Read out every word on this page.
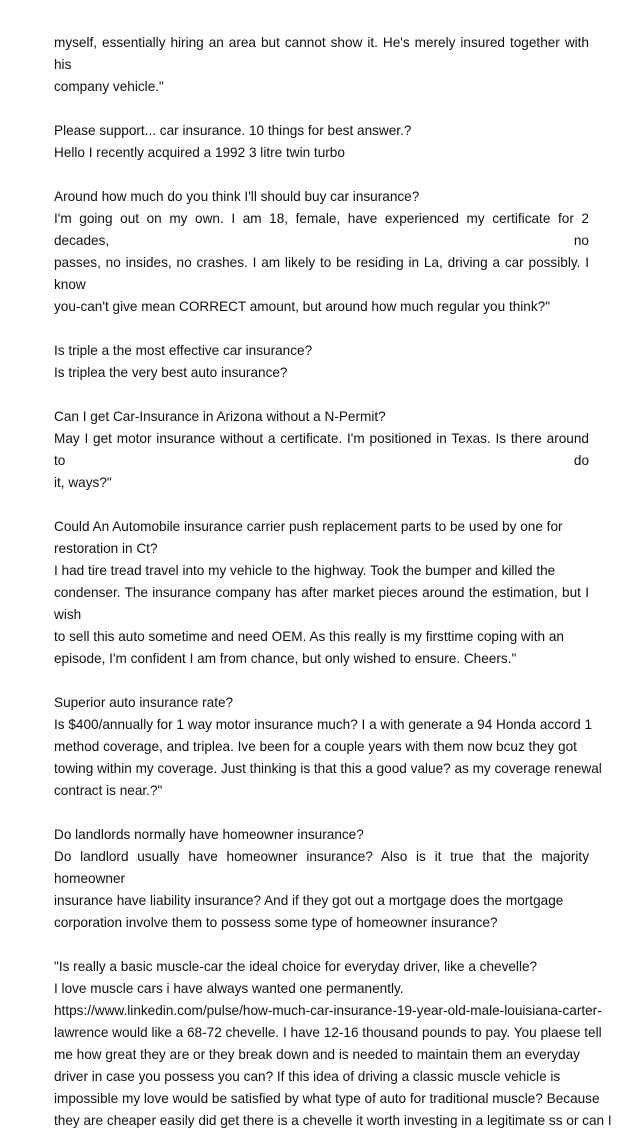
myself, essentially hiring an area but cannot show it. He's merely insured together with his
company vehicle."

Please support... car insurance. 10 things for best answer.?
Hello I recently acquired a 1992 3 litre twin turbo

Around how much do you think I'll should buy car insurance?
I'm going out on my own. I am 18, female, have experienced my certificate for 2 decades, no
passes, no insides, no crashes. I am likely to be residing in La, driving a car possibly. I know
you-can't give mean CORRECT amount, but around how much regular you think?"

Is triple a the most effective car insurance?
Is triplea the very best auto insurance?

Can I get Car-Insurance in Arizona without a N-Permit?
May I get motor insurance without a certificate. I'm positioned in Texas. Is there around to do
it, ways?"

Could An Automobile insurance carrier push replacement parts to be used by one for
restoration in Ct?
I had tire tread travel into my vehicle to the highway. Took the bumper and killed the
condenser. The insurance company has after market pieces around the estimation, but I wish
to sell this auto sometime and need OEM. As this really is my firsttime coping with an
episode, I'm confident I am from chance, but only wished to ensure. Cheers."

Superior auto insurance rate?
Is $400/annually for 1 way motor insurance much? I a with generate a 94 Honda accord 1
method coverage, and triplea. Ive been for a couple years with them now bcuz they got
towing within my coverage. Just thinking is that this a good value? as my coverage renewal
contract is near.?"

Do landlords normally have homeowner insurance?
Do landlord usually have homeowner insurance? Also is it true that the majority homeowner
insurance have liability insurance? And if they got out a mortgage does the mortgage
corporation involve them to possess some type of homeowner insurance?

"Is really a basic muscle-car the ideal choice for everyday driver, like a chevelle?
I love muscle cars i have always wanted one permanently.
https://www.linkedin.com/pulse/how-much-car-insurance-19-year-old-male-louisiana-carter-
lawrence would like a 68-72 chevelle. I have 12-16 thousand pounds to pay. You plaese tell
me how great they are or they break down and is needed to maintain them an everyday
driver in case you possess you can? If this idea of driving a classic muscle vehicle is
impossible my love would be satisfied by what type of auto for traditional muscle? Because
they are cheaper easily did get there is a chevelle it worth investing in a legitimate ss or can I
